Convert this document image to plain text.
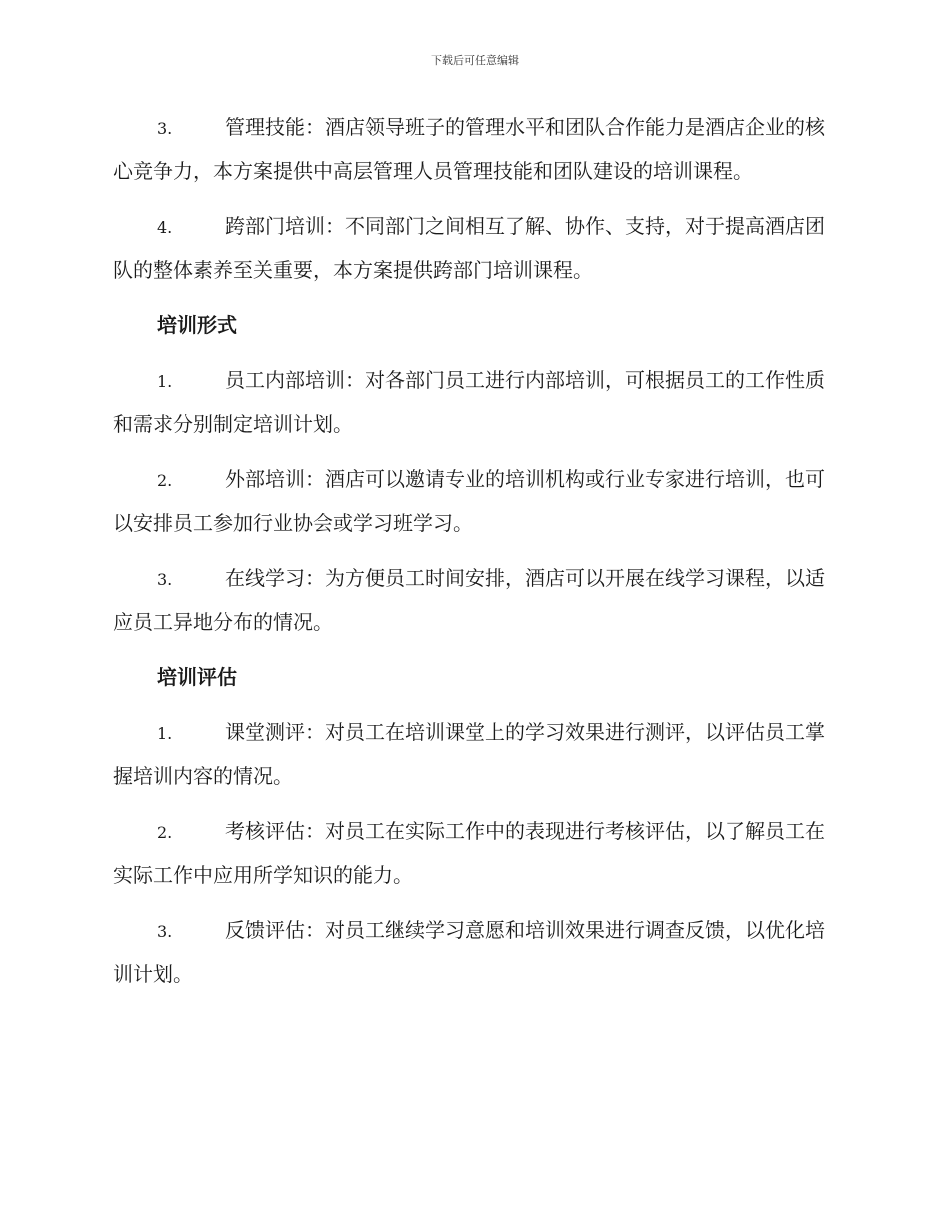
下载后可任意编辑

3.	管理技能：酒店领导班子的管理水平和团队合作能力是酒店企业的核心竞争力，本方案提供中高层管理人员管理技能和团队建设的培训课程。

4.	跨部门培训：不同部门之间相互了解、协作、支持，对于提高酒店团队的整体素养至关重要，本方案提供跨部门培训课程。

培训形式

1.	员工内部培训：对各部门员工进行内部培训，可根据员工的工作性质和需求分别制定培训计划。

2.	外部培训：酒店可以邀请专业的培训机构或行业专家进行培训，也可以安排员工参加行业协会或学习班学习。

3.	在线学习：为方便员工时间安排，酒店可以开展在线学习课程，以适应员工异地分布的情况。

培训评估

1.	课堂测评：对员工在培训课堂上的学习效果进行测评，以评估员工掌握培训内容的情况。

2.	考核评估：对员工在实际工作中的表现进行考核评估，以了解员工在实际工作中应用所学知识的能力。

3.	反馈评估：对员工继续学习意愿和培训效果进行调查反馈，以优化培训计划。
